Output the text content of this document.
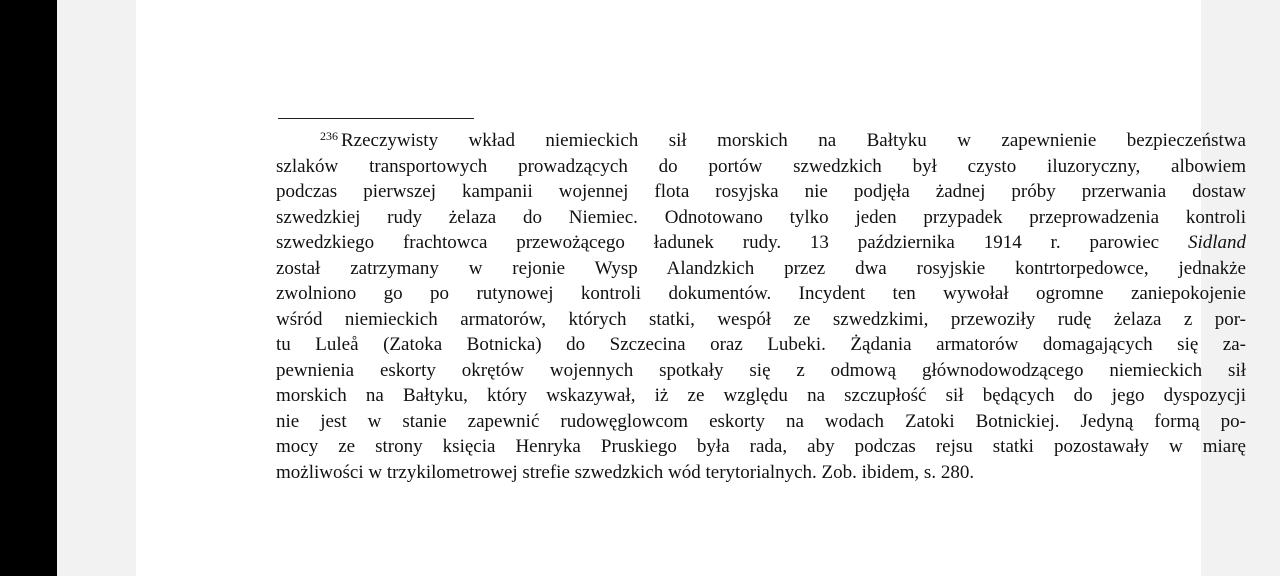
$^{236}$ Rzeczywisty wkład niemieckich sił morskich na Bałtyku w zapewnienie bezpieczeństwa
szlaków transportowych prowadzących do portów szwedzkich był czysto iluzoryczny, albowiem
podczas pierwszej kampanii wojennej flota rosyjska nie podjęła żadnej próby przerwania dostaw
szwedzkiej rudy żelaza do Niemiec. Odnotowano tylko jeden przypadek przeprowadzenia kontroli
szwedzkiego frachtowca przewożącego ładunek rudy. 13 października 1914 r. parowiec Sidland
został zatrzymany w rejonie Wysp Alandzkich przez dwa rosyjskie kontrtorpedowce, jednakże
zwolniono go po rutynowej kontroli dokumentów. Incydent ten wywołał ogromne zaniepokojenie
wśród niemieckich armatorów, których statki, wespół ze szwedzkimi, przewoziły rudę żelaza z por-
tu Luleå (Zatoka Botnicka) do Szczecina oraz Lubeki. Żądania armatorów domagających się za-
pewnienia eskorty okrętów wojennych spotkały się z odmową głównodowodzącego niemieckich sił
morskich na Bałtyku, który wskazywał, iż ze względu na szczupłość sił będących do jego dyspozycji
nie jest w stanie zapewnić rudowęglowcom eskorty na wodach Zatoki Botnickiej. Jedyną formą po-
mocy ze strony księcia Henryka Pruskiego była rada, aby podczas rejsu statki pozostawały w miarę
możliwości w trzykilometrowej strefie szwedzkich wód terytorialnych. Zob. ibidem, s. 280.
